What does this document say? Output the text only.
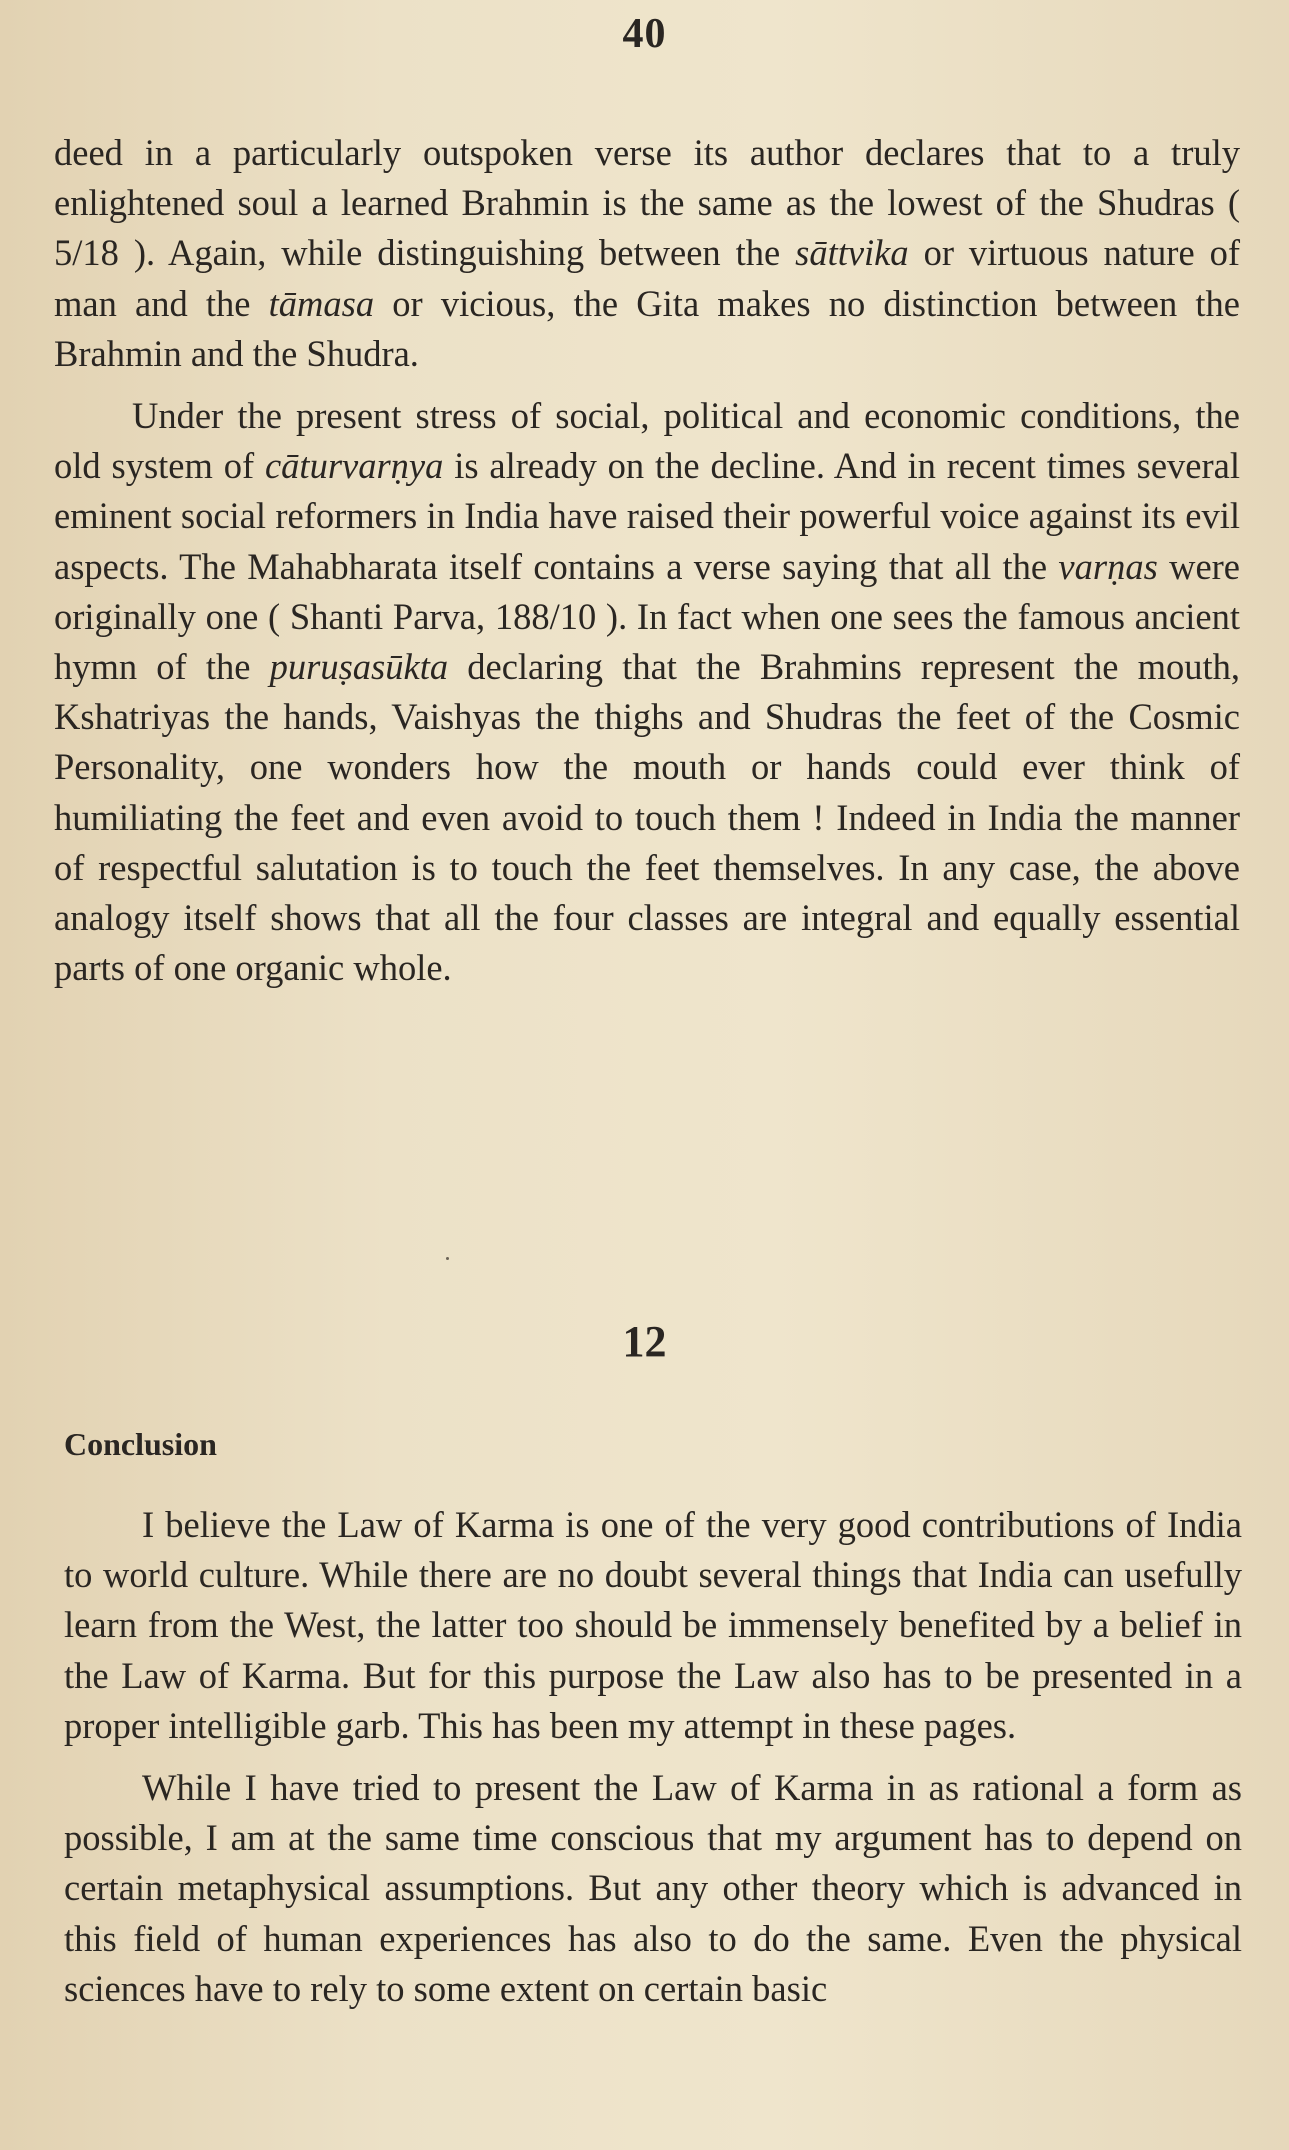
40

deed in a particularly outspoken verse its author declares that to a truly enlightened soul a learned Brahmin is the same as the lowest of the Shudras ( 5/18 ). Again, while distinguishing between the sāttvika or virtuous nature of man and the tāmasa or vicious, the Gita makes no distinction between the Brahmin and the Shudra.

Under the present stress of social, political and economic conditions, the old system of cāturvarṇya is already on the decline. And in recent times several eminent social reformers in India have raised their powerful voice against its evil aspects. The Mahabharata itself contains a verse saying that all the varṇas were originally one ( Shanti Parva, 188/10 ). In fact when one sees the famous ancient hymn of the puruṣasūkta declaring that the Brahmins represent the mouth, Kshatriyas the hands, Vaishyas the thighs and Shudras the feet of the Cosmic Personality, one wonders how the mouth or hands could ever think of humiliating the feet and even avoid to touch them ! Indeed in India the manner of respectful salutation is to touch the feet themselves. In any case, the above analogy itself shows that all the four classes are integral and equally essential parts of one organic whole.

12
Conclusion

I believe the Law of Karma is one of the very good contributions of India to world culture. While there are no doubt several things that India can usefully learn from the West, the latter too should be immensely benefited by a belief in the Law of Karma. But for this purpose the Law also has to be presented in a proper intelligible garb. This has been my attempt in these pages.

While I have tried to present the Law of Karma in as rational a form as possible, I am at the same time conscious that my argument has to depend on certain metaphysical assumptions. But any other theory which is advanced in this field of human experiences has also to do the same. Even the physical sciences have to rely to some extent on certain basic
